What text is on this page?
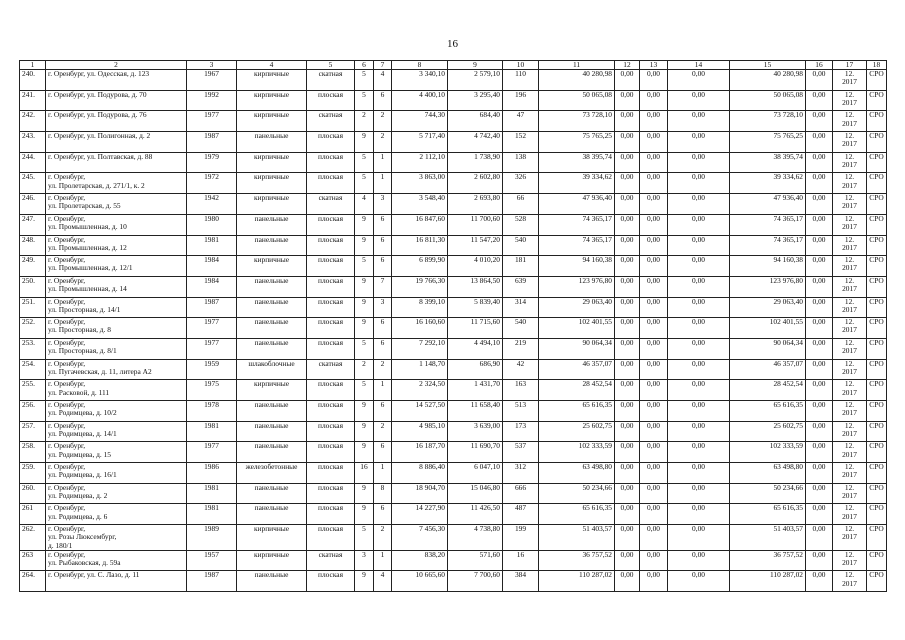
16
1	2	3	4	5	6	7	8	9	10	11	12	13	14	15	16	17	18
240.	г. Оренбург, ул. Одесская, д. 123	1967	кирпичные	скатная	5	4	3 340,10	2 579,10	110	40 280,98	0,00	0,00	0,00	40 280,98	0,00	12.
2017	СРО
241.	г. Оренбург, ул. Подурова, д. 70	1992	кирпичные	плоская	5	6	4 400,10	3 295,40	196	50 065,08	0,00	0,00	0,00	50 065,08	0,00	12.
2017	СРО
242.	г. Оренбург, ул. Подурова, д. 76	1977	кирпичные	скатная	2	2	744,30	684,40	47	73 728,10	0,00	0,00	0,00	73 728,10	0,00	12.
2017	СРО
243.	г. Оренбург, ул. Полигонная, д. 2	1987	панельные	плоская	9	2	5 717,40	4 742,40	152	75 765,25	0,00	0,00	0,00	75 765,25	0,00	12.
2017	СРО
244.	г. Оренбург, ул. Полтавская, д. 88	1979	кирпичные	плоская	5	1	2 112,10	1 738,90	138	38 395,74	0,00	0,00	0,00	38 395,74	0,00	12.
2017	СРО
245.	г. Оренбург,
ул. Пролетарская, д. 271/1, к. 2	1972	кирпичные	плоская	5	1	3 863,00	2 602,80	326	39 334,62	0,00	0,00	0,00	39 334,62	0,00	12.
2017	СРО
246.	г. Оренбург,
ул. Пролетарская, д. 55	1942	кирпичные	скатная	4	3	3 548,40	2 693,80	66	47 936,40	0,00	0,00	0,00	47 936,40	0,00	12.
2017	СРО
247.	г. Оренбург,
ул. Промышленная, д. 10	1980	панельные	плоская	9	6	16 847,60	11 700,60	528	74 365,17	0,00	0,00	0,00	74 365,17	0,00	12.
2017	СРО
248.	г. Оренбург,
ул. Промышленная, д. 12	1981	панельные	плоская	9	6	16 811,30	11 547,20	540	74 365,17	0,00	0,00	0,00	74 365,17	0,00	12.
2017	СРО
249.	г. Оренбург,
ул. Промышленная, д. 12/1	1984	кирпичные	плоская	5	6	6 899,90	4 010,20	181	94 160,38	0,00	0,00	0,00	94 160,38	0,00	12.
2017	СРО
250.	г. Оренбург,
ул. Промышленная, д. 14	1984	панельные	плоская	9	7	19 766,30	13 864,50	639	123 976,80	0,00	0,00	0,00	123 976,80	0,00	12.
2017	СРО
251.	г. Оренбург,
ул. Просторная, д. 14/1	1987	панельные	плоская	9	3	8 399,10	5 839,40	314	29 063,40	0,00	0,00	0,00	29 063,40	0,00	12.
2017	СРО
252.	г. Оренбург,
ул. Просторная, д. 8	1977	панельные	плоская	9	6	16 160,60	11 715,60	540	102 401,55	0,00	0,00	0,00	102 401,55	0,00	12.
2017	СРО
253.	г. Оренбург,
ул. Просторная, д. 8/1	1977	панельные	плоская	5	6	7 292,10	4 494,10	219	90 064,34	0,00	0,00	0,00	90 064,34	0,00	12.
2017	СРО
254.	г. Оренбург,
ул. Пугачевская, д. 11, литера А2	1959	шлакоблочные	скатная	2	2	1 148,70	686,90	42	46 357,07	0,00	0,00	0,00	46 357,07	0,00	12.
2017	СРО
255.	г. Оренбург,
ул. Расковой, д. 111	1975	кирпичные	плоская	5	1	2 324,50	1 431,70	163	28 452,54	0,00	0,00	0,00	28 452,54	0,00	12.
2017	СРО
256.	г. Оренбург,
ул. Родимцева, д. 10/2	1978	панельные	плоская	9	6	14 527,50	11 658,40	513	65 616,35	0,00	0,00	0,00	65 616,35	0,00	12.
2017	СРО
257.	г. Оренбург,
ул. Родимцева, д. 14/1	1981	панельные	плоская	9	2	4 985,10	3 639,00	173	25 602,75	0,00	0,00	0,00	25 602,75	0,00	12.
2017	СРО
258.	г. Оренбург,
ул. Родимцева, д. 15	1977	панельные	плоская	9	6	16 187,70	11 690,70	537	102 333,59	0,00	0,00	0,00	102 333,59	0,00	12.
2017	СРО
259.	г. Оренбург,
ул. Родимцева, д. 16/1	1986	железобетонные	плоская	16	1	8 886,40	6 047,10	312	63 498,80	0,00	0,00	0,00	63 498,80	0,00	12.
2017	СРО
260.	г. Оренбург,
ул. Родимцева, д. 2	1981	панельные	плоская	9	8	18 904,70	15 046,80	666	50 234,66	0,00	0,00	0,00	50 234,66	0,00	12.
2017	СРО
261	г. Оренбург,
ул. Родимцева, д. 6	1981	панельные	плоская	9	6	14 227,90	11 426,50	487	65 616,35	0,00	0,00	0,00	65 616,35	0,00	12.
2017	СРО
262.	г. Оренбург,
ул. Розы Люксембург,
д. 180/1	1989	кирпичные	плоская	5	2	7 456,30	4 738,80	199	51 403,57	0,00	0,00	0,00	51 403,57	0,00	12.
2017	СРО
263	г. Оренбург,
ул. Рыбаковская, д. 59а	1957	кирпичные	скатная	3	1	838,20	571,60	16	36 757,52	0,00	0,00	0,00	36 757,52	0,00	12.
2017	СРО
264.	г. Оренбург, ул. С. Лазо, д. 11	1987	панельные	плоская	9	4	10 665,60	7 700,60	384	110 287,02	0,00	0,00	0,00	110 287,02	0,00	12.
2017	СРО
